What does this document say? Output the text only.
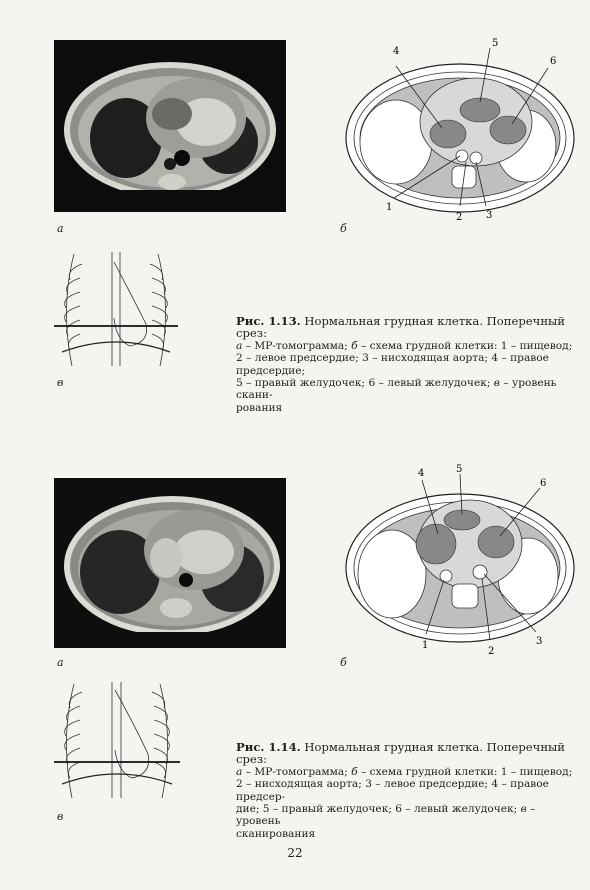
а
4
5
6
1
2 3
б
в
Рис. 1.13. Нормальная грудная клетка. Поперечный срез:
а – МР-томограмма; б – схема грудной клетки: 1 – пищевод;
2 – левое предсердие; 3 – нисходящая аорта; 4 – правое предсердие;
5 – правый желудочек; 6 – левый желудочек; в – уровень скани-
рования
а
4	5
6
1
2
3
б
в
Рис. 1.14. Нормальная грудная клетка. Поперечный срез:
а – МР-томограмма; б – схема грудной клетки: 1 – пищевод;
2 – нисходящая аорта; 3 – левое предсердие; 4 – правое предсер-
дие; 5 – правый желудочек; 6 – левый желудочек; в – уровень
сканирования
22
